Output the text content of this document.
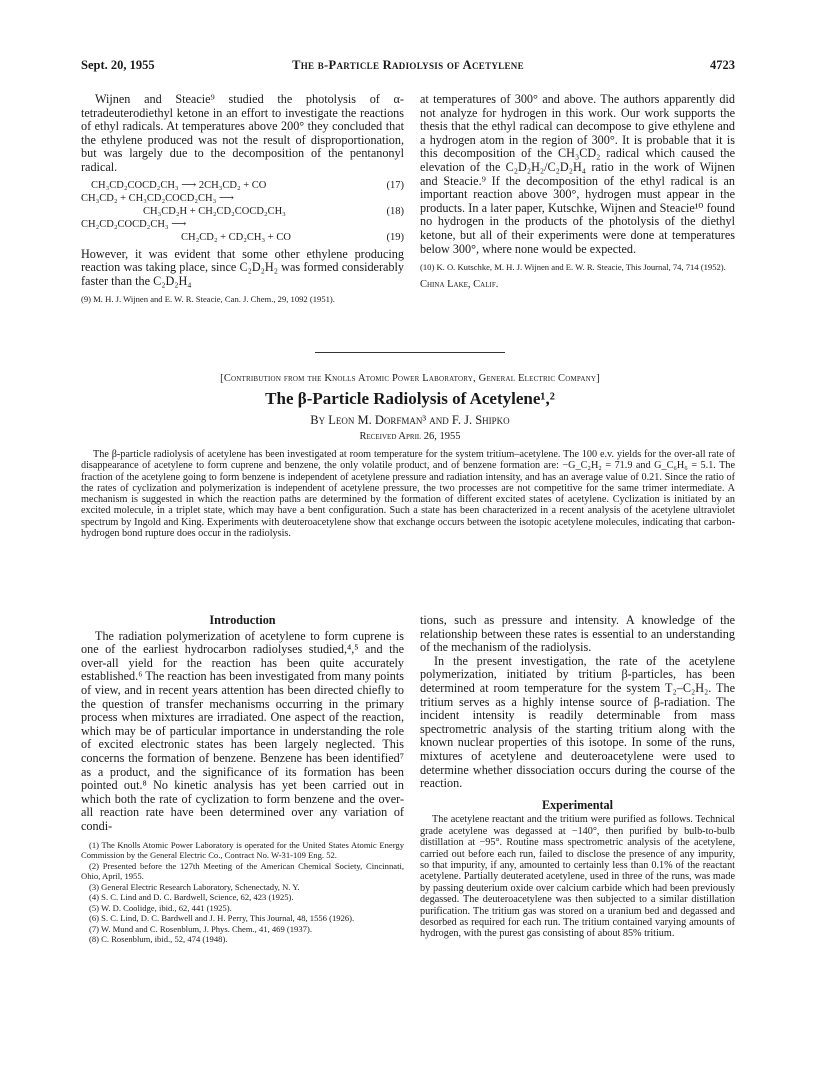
Sept. 20, 1955	The β-Particle Radiolysis of Acetylene	4723

Wijnen and Steacie⁹ studied the photolysis of α-tetradeuterodiethyl ketone in an effort to investigate the reactions of ethyl radicals. At temperatures above 200° they concluded that the ethylene produced was not the result of disproportionation, but was largely due to the decomposition of the pentanonyl radical.

CH₃CD₂COCD₂CH₃ ⟶ 2CH₃CD₂ + CO	(17)
CH₃CD₂ + CH₃CD₂COCD₂CH₃ ⟶
CH₃CD₂H + CH₂CD₂COCD₂CH₃	(18)
CH₂CD₂COCD₂CH₃ ⟶
CH₂CD₂ + CD₂CH₃ + CO	(19)

However, it was evident that some other ethylene producing reaction was taking place, since C₂D₂H₂ was formed considerably faster than the C₂D₂H₄

(9) M. H. J. Wijnen and E. W. R. Steacie, Can. J. Chem., 29, 1092 (1951).

at temperatures of 300° and above. The authors apparently did not analyze for hydrogen in this work. Our work supports the thesis that the ethyl radical can decompose to give ethylene and a hydrogen atom in the region of 300°. It is probable that it is this decomposition of the CH₃CD₂ radical which caused the elevation of the C₂D₂H₂/C₂D₂H₄ ratio in the work of Wijnen and Steacie.⁹ If the decomposition of the ethyl radical is an important reaction above 300°, hydrogen must appear in the products. In a later paper, Kutschke, Wijnen and Steacie¹⁰ found no hydrogen in the products of the photolysis of the diethyl ketone, but all of their experiments were done at temperatures below 300°, where none would be expected.

(10) K. O. Kutschke, M. H. J. Wijnen and E. W. R. Steacie, This Journal, 74, 714 (1952).
China Lake, Calif.
[Contribution from the Knolls Atomic Power Laboratory, General Electric Company]
The β-Particle Radiolysis of Acetylene¹,²
By Leon M. Dorfman³ and F. J. Shipko
Received April 26, 1955

The β-particle radiolysis of acetylene has been investigated at room temperature for the system tritium–acetylene. The 100 e.v. yields for the over-all rate of disappearance of acetylene to form cuprene and benzene, the only volatile product, and of benzene formation are: −G_C₂H₂ = 71.9 and G_C₆H₆ = 5.1. The fraction of the acetylene going to form benzene is independent of acetylene pressure and radiation intensity, and has an average value of 0.21. Since the ratio of the rates of cyclization and polymerization is independent of acetylene pressure, the two processes are not competitive for the same trimer intermediate. A mechanism is suggested in which the reaction paths are determined by the formation of different excited states of acetylene. Cyclization is initiated by an excited molecule, in a triplet state, which may have a bent configuration. Such a state has been characterized in a recent analysis of the acetylene ultraviolet spectrum by Ingold and King. Experiments with deuteroacetylene show that exchange occurs between the isotopic acetylene molecules, indicating that carbon-hydrogen bond rupture does occur in the radiolysis.

Introduction

The radiation polymerization of acetylene to form cuprene is one of the earliest hydrocarbon radiolyses studied,⁴,⁵ and the over-all yield for the reaction has been quite accurately established.⁶ The reaction has been investigated from many points of view, and in recent years attention has been directed chiefly to the question of transfer mechanisms occurring in the primary process when mixtures are irradiated. One aspect of the reaction, which may be of particular importance in understanding the role of excited electronic states has been largely neglected. This concerns the formation of benzene. Benzene has been identified⁷ as a product, and the significance of its formation has been pointed out.⁸ No kinetic analysis has yet been carried out in which both the rate of cyclization to form benzene and the over-all reaction rate have been determined over any variation of condi-

(1) The Knolls Atomic Power Laboratory is operated for the United States Atomic Energy Commission by the General Electric Co., Contract No. W-31-109 Eng. 52.

(2) Presented before the 127th Meeting of the American Chemical Society, Cincinnati, Ohio, April, 1955.

(3) General Electric Research Laboratory, Schenectady, N. Y.

(4) S. C. Lind and D. C. Bardwell, Science, 62, 423 (1925).

(5) W. D. Coolidge, ibid., 62, 441 (1925).

(6) S. C. Lind, D. C. Bardwell and J. H. Perry, This Journal, 48, 1556 (1926).

(7) W. Mund and C. Rosenblum, J. Phys. Chem., 41, 469 (1937).

(8) C. Rosenblum, ibid., 52, 474 (1948).

tions, such as pressure and intensity. A knowledge of the relationship between these rates is essential to an understanding of the mechanism of the radiolysis.

In the present investigation, the rate of the acetylene polymerization, initiated by tritium β-particles, has been determined at room temperature for the system T₂–C₂H₂. The tritium serves as a highly intense source of β-radiation. The incident intensity is readily determinable from mass spectrometric analysis of the starting tritium along with the known nuclear properties of this isotope. In some of the runs, mixtures of acetylene and deuteroacetylene were used to determine whether dissociation occurs during the course of the reaction.

Experimental

The acetylene reactant and the tritium were purified as follows. Technical grade acetylene was degassed at −140°, then purified by bulb-to-bulb distillation at −95°. Routine mass spectrometric analysis of the acetylene, carried out before each run, failed to disclose the presence of any impurity, so that impurity, if any, amounted to certainly less than 0.1% of the reactant acetylene. Partially deuterated acetylene, used in three of the runs, was made by passing deuterium oxide over calcium carbide which had been previously degassed. The deuteroacetylene was then subjected to a similar distillation purification. The tritium gas was stored on a uranium bed and degassed and desorbed as required for each run. The tritium contained varying amounts of hydrogen, with the purest gas consisting of about 85% tritium.
